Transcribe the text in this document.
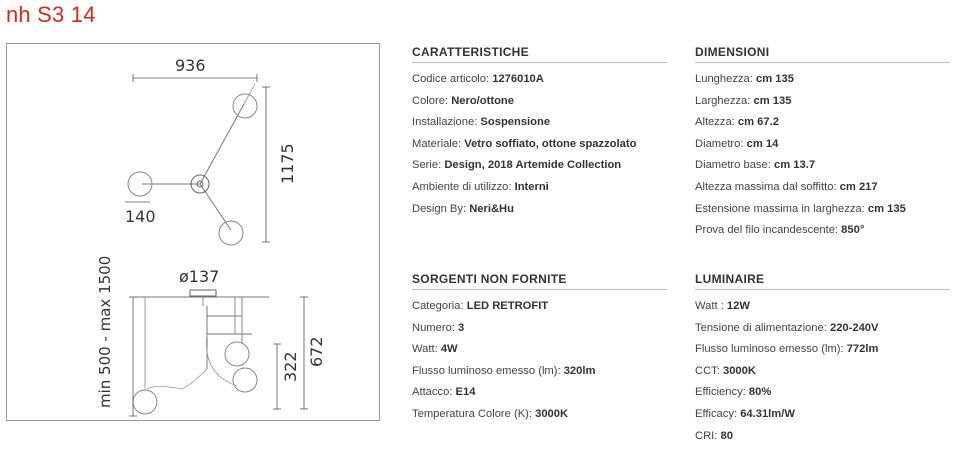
nh S3 14
936
1175
140
ø137
min 500 - max 1500	322 672
CARATTERISTICHE
Codice articolo: 1276010A
Colore: Nero/ottone
Installazione: Sospensione
Materiale: Vetro soffiato, ottone spazzolato
Serie: Design, 2018 Artemide Collection
Ambiente di utilizzo: Interni
Design By: Neri&Hu
DIMENSIONI
Lunghezza: cm 135
Larghezza: cm 135
Altezza: cm 67.2
Diametro: cm 14
Diametro base: cm 13.7
Altezza massima dal soffitto: cm 217
Estensione massima in larghezza: cm 135
Prova del filo incandescente: 850°
SORGENTI NON FORNITE
Categoria: LED RETROFIT
Numero: 3
Watt: 4W
Flusso luminoso emesso (lm): 320lm
Attacco: E14
Temperatura Colore (K): 3000K
LUMINAIRE
Watt : 12W
Tensione di alimentazione: 220-240V
Flusso luminoso emesso (lm): 772lm
CCT: 3000K
Efficiency: 80%
Efficacy: 64.31lm/W
CRI: 80
